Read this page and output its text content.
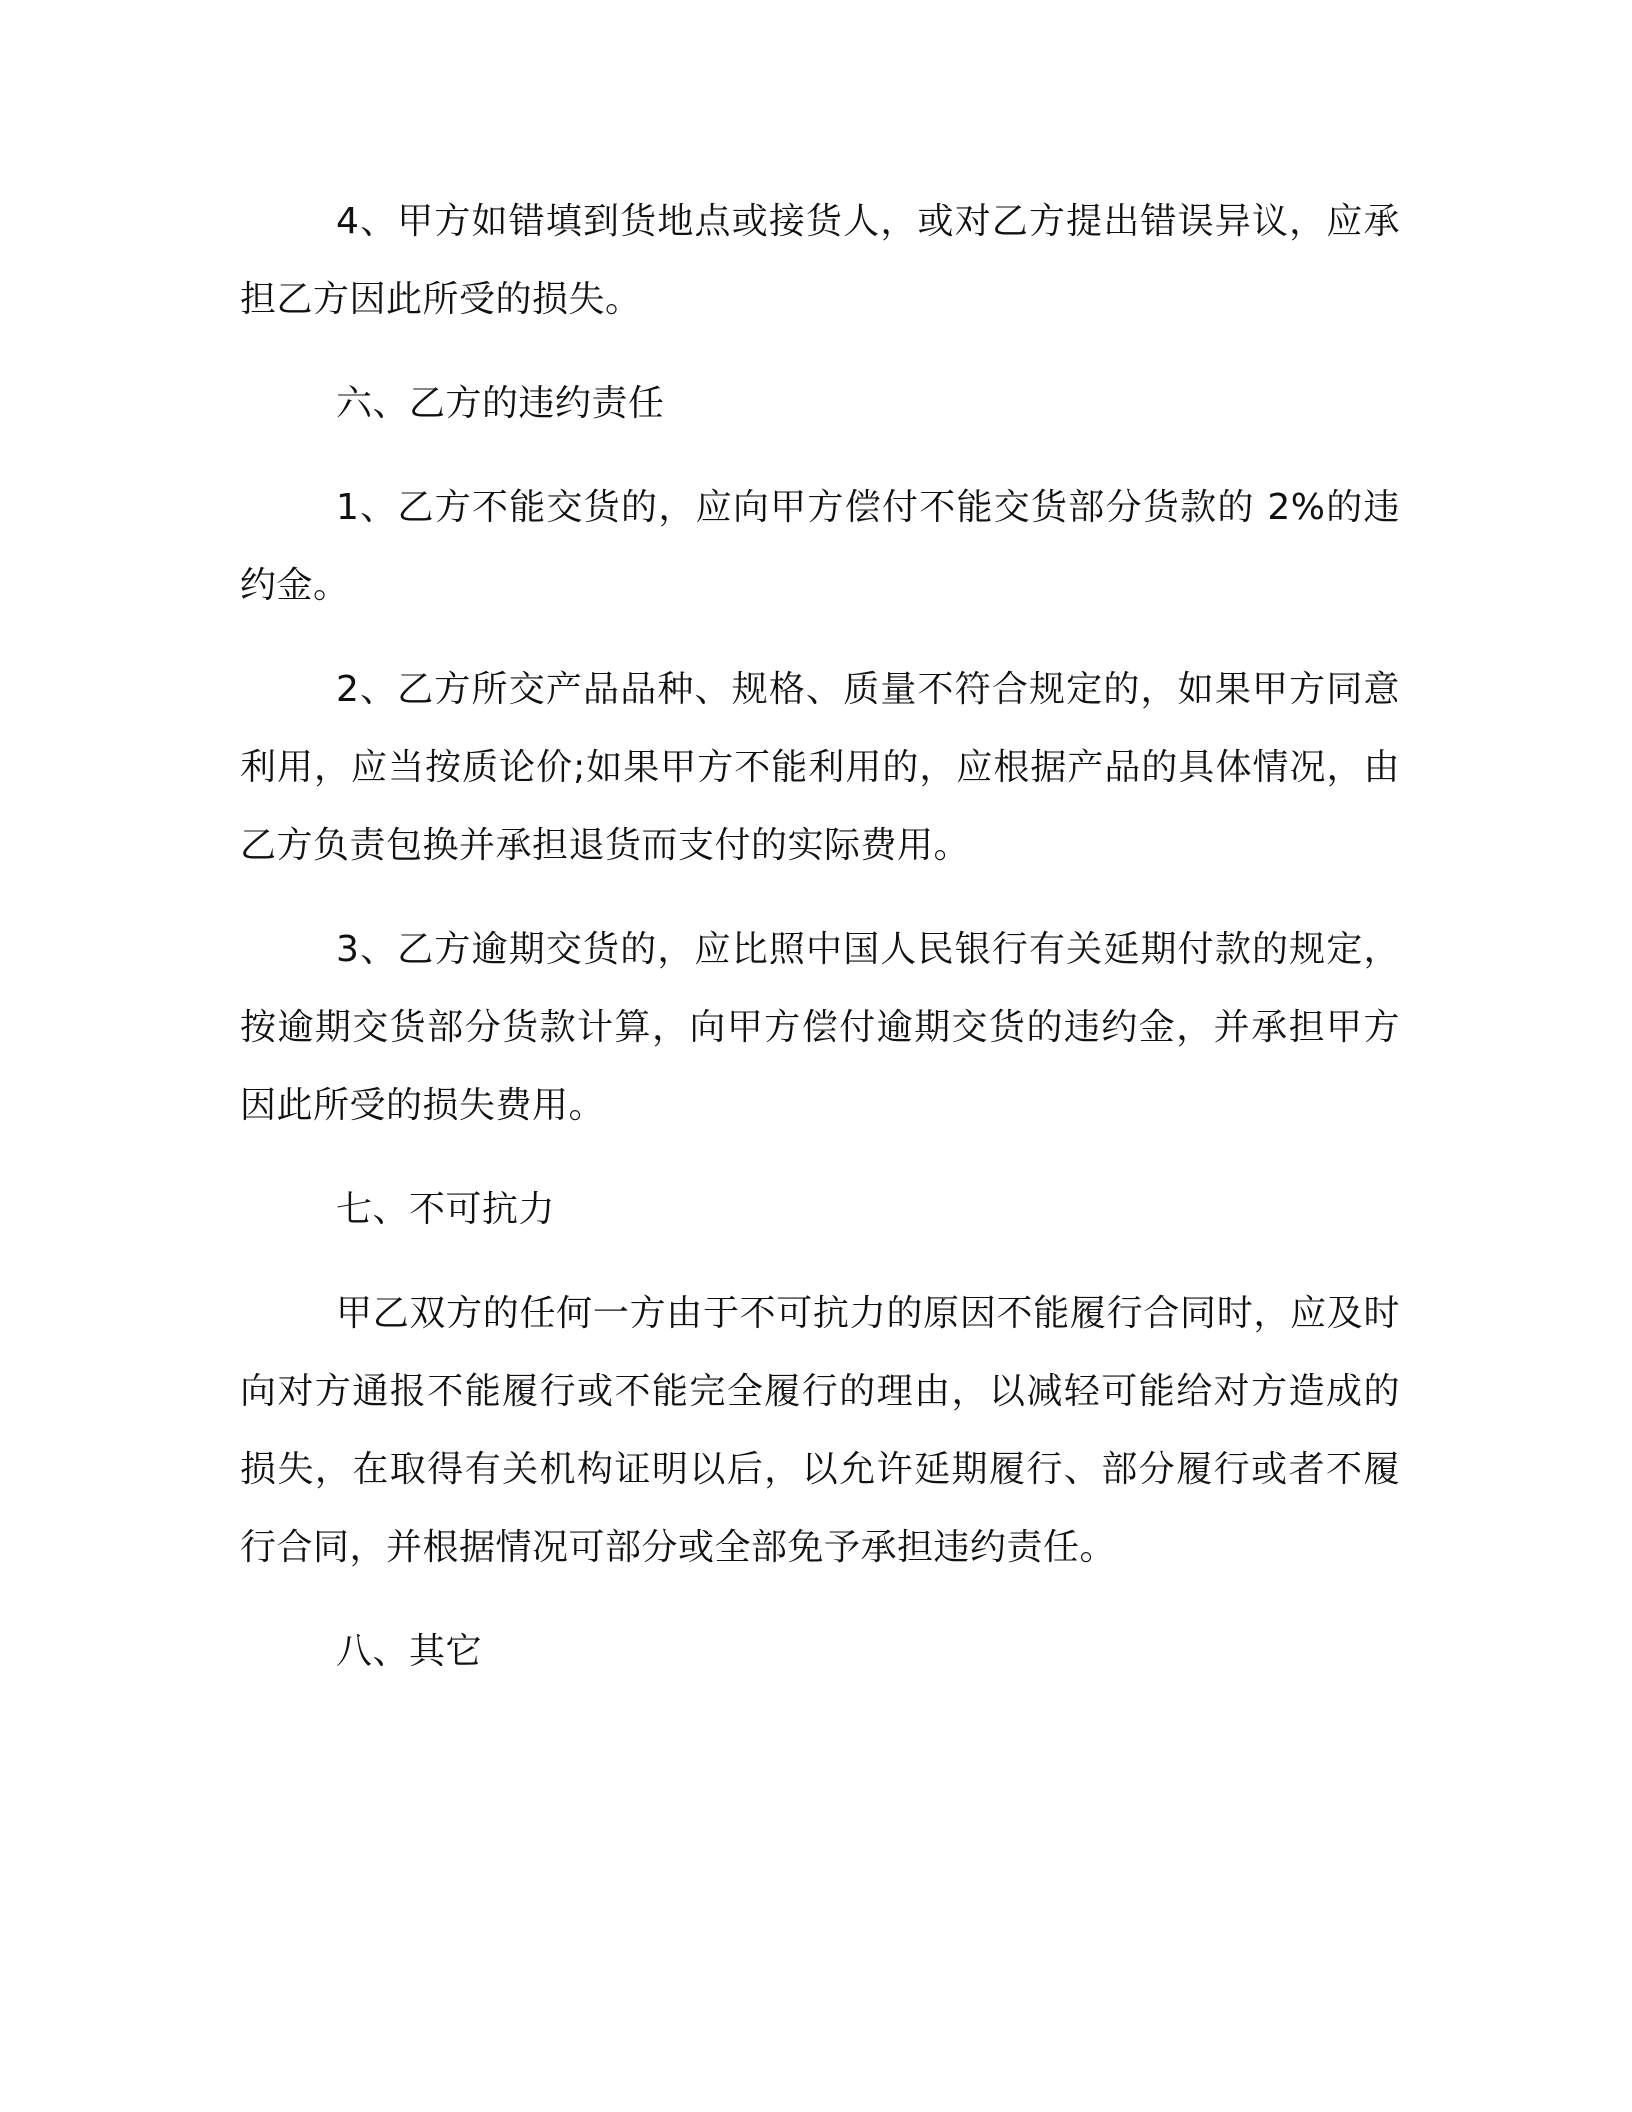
4、甲方如错填到货地点或接货人，或对乙方提出错误异议，应承担乙方因此所受的损失。

六、乙方的违约责任

1、乙方不能交货的，应向甲方偿付不能交货部分货款的 2%的违约金。

2、乙方所交产品品种、规格、质量不符合规定的，如果甲方同意利用，应当按质论价;如果甲方不能利用的，应根据产品的具体情况，由乙方负责包换并承担退货而支付的实际费用。

3、乙方逾期交货的，应比照中国人民银行有关延期付款的规定，按逾期交货部分货款计算，向甲方偿付逾期交货的违约金，并承担甲方因此所受的损失费用。

七、不可抗力

甲乙双方的任何一方由于不可抗力的原因不能履行合同时，应及时向对方通报不能履行或不能完全履行的理由，以减轻可能给对方造成的损失，在取得有关机构证明以后，以允许延期履行、部分履行或者不履行合同，并根据情况可部分或全部免予承担违约责任。

八、其它
